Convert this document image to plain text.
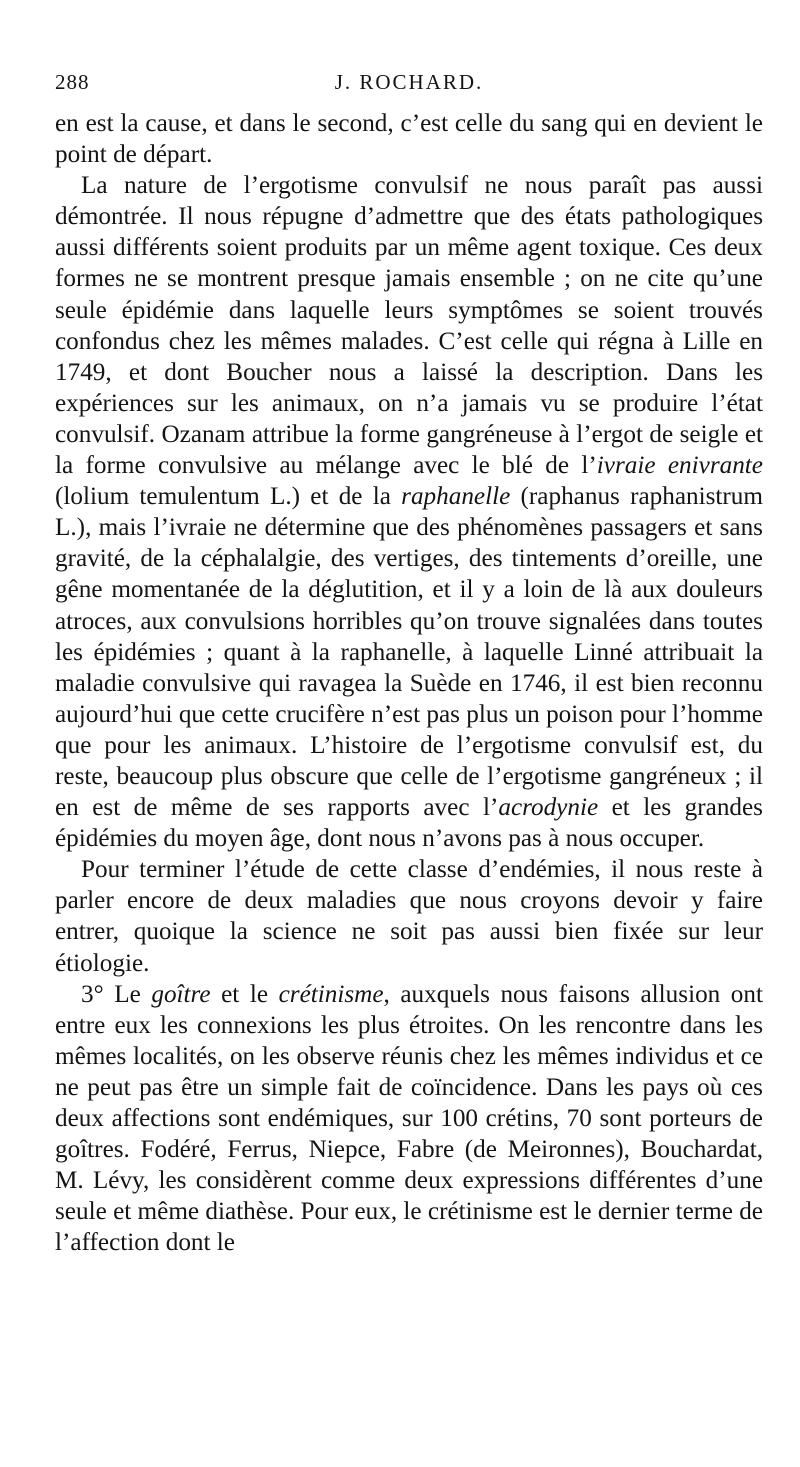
288	J. ROCHARD.

en est la cause, et dans le second, c’est celle du sang qui en devient le point de départ.

La nature de l’ergotisme convulsif ne nous paraît pas aussi démontrée. Il nous répugne d’admettre que des états pathologiques aussi différents soient produits par un même agent toxique. Ces deux formes ne se montrent presque jamais ensemble ; on ne cite qu’une seule épidémie dans laquelle leurs symptômes se soient trouvés confondus chez les mêmes malades. C’est celle qui régna à Lille en 1749, et dont Boucher nous a laissé la description. Dans les expériences sur les animaux, on n’a jamais vu se produire l’état convulsif. Ozanam attribue la forme gangréneuse à l’ergot de seigle et la forme convulsive au mélange avec le blé de l’ivraie enivrante (lolium temulentum L.) et de la raphanelle (raphanus raphanistrum L.), mais l’ivraie ne détermine que des phénomènes passagers et sans gravité, de la céphalalgie, des vertiges, des tintements d’oreille, une gêne momentanée de la déglutition, et il y a loin de là aux douleurs atroces, aux convulsions horribles qu’on trouve signalées dans toutes les épidémies ; quant à la raphanelle, à laquelle Linné attribuait la maladie convulsive qui ravagea la Suède en 1746, il est bien reconnu aujourd’hui que cette crucifère n’est pas plus un poison pour l’homme que pour les animaux. L’histoire de l’ergotisme convulsif est, du reste, beaucoup plus obscure que celle de l’ergotisme gangréneux ; il en est de même de ses rapports avec l’acrodynie et les grandes épidémies du moyen âge, dont nous n’avons pas à nous occuper.

Pour terminer l’étude de cette classe d’endémies, il nous reste à parler encore de deux maladies que nous croyons devoir y faire entrer, quoique la science ne soit pas aussi bien fixée sur leur étiologie.

3° Le goître et le crétinisme, auxquels nous faisons allusion ont entre eux les connexions les plus étroites. On les rencontre dans les mêmes localités, on les observe réunis chez les mêmes individus et ce ne peut pas être un simple fait de coïncidence. Dans les pays où ces deux affections sont endémiques, sur 100 crétins, 70 sont porteurs de goîtres. Fodéré, Ferrus, Niepce, Fabre (de Meironnes), Bouchardat, M. Lévy, les considèrent comme deux expressions différentes d’une seule et même diathèse. Pour eux, le crétinisme est le dernier terme de l’affection dont le
